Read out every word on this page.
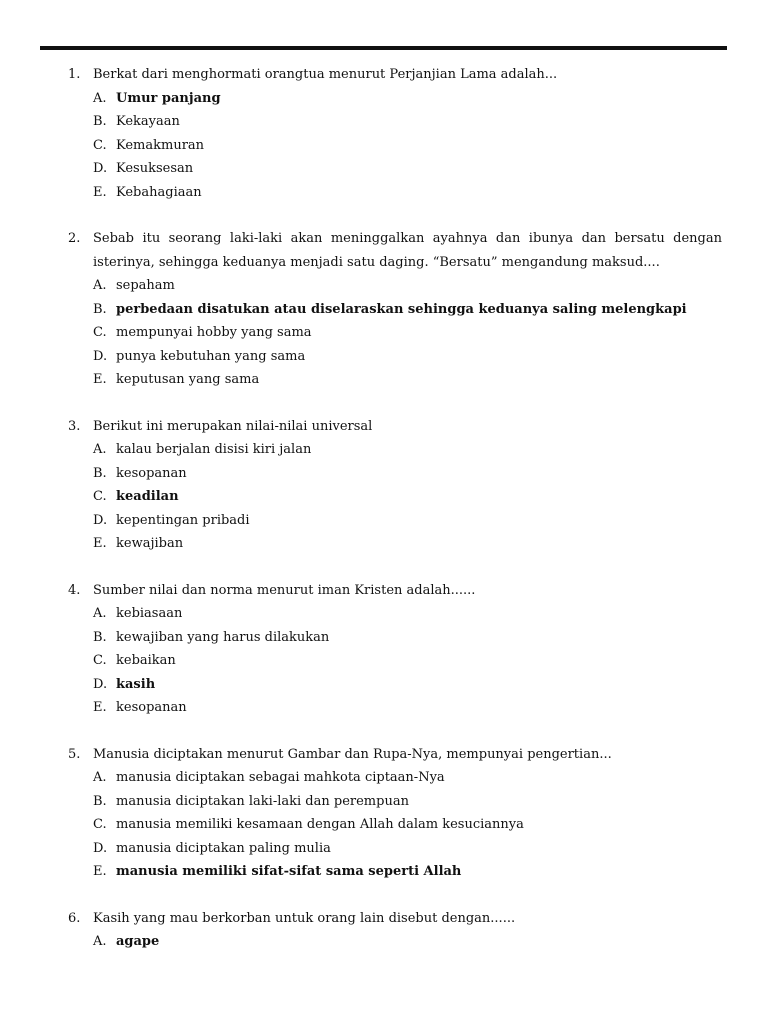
1. Berkat dari menghormati orangtua menurut Perjanjian Lama adalah...
A. Umur panjang
B. Kekayaan
C. Kemakmuran
D. Kesuksesan
E. Kebahagiaan
2. Sebab itu seorang laki-laki akan meninggalkan ayahnya dan ibunya dan bersatu dengan isterinya, sehingga keduanya menjadi satu daging. “Bersatu” mengandung maksud....
A. sepaham
B. perbedaan disatukan atau diselaraskan sehingga keduanya saling melengkapi
C. mempunyai hobby yang sama
D. punya kebutuhan yang sama
E. keputusan yang sama
3. Berikut ini merupakan nilai-nilai universal
A. kalau berjalan disisi kiri jalan
B. kesopanan
C. keadilan
D. kepentingan pribadi
E. kewajiban
4. Sumber nilai dan norma menurut iman Kristen adalah......
A. kebiasaan
B. kewajiban yang harus dilakukan
C. kebaikan
D. kasih
E. kesopanan
5. Manusia diciptakan menurut Gambar dan Rupa-Nya, mempunyai pengertian...
A. manusia diciptakan sebagai mahkota ciptaan-Nya
B. manusia diciptakan laki-laki dan perempuan
C. manusia memiliki kesamaan dengan Allah dalam kesuciannya
D. manusia diciptakan paling mulia
E. manusia memiliki sifat-sifat sama seperti Allah
6. Kasih yang mau berkorban untuk orang lain disebut dengan......
A. agape
